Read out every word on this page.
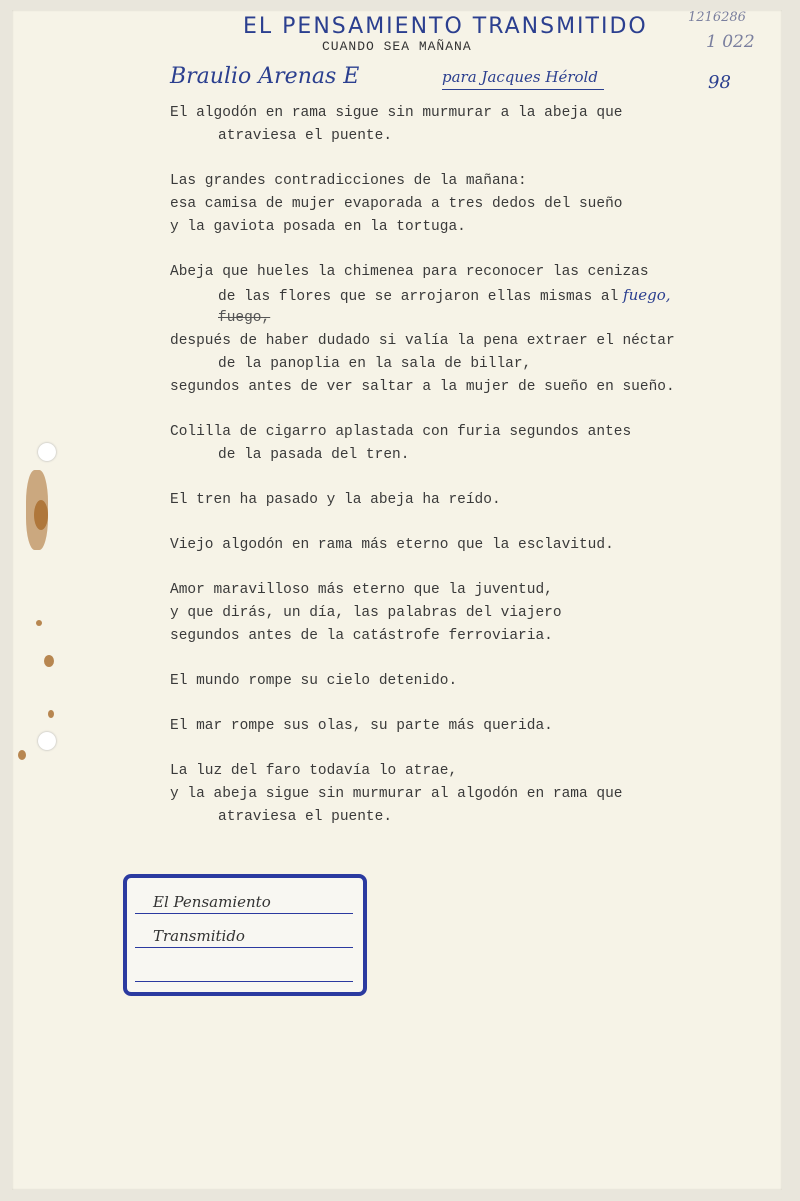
EL PENSAMIENTO TRANSMITIDO
CUANDO SEA MAÑANA
1216286
1 022
98
Braulio Arenas E	para Jacques Hérold
El algodón en rama sigue sin murmurar a la abeja que
atraviesa el puente.
Las grandes contradicciones de la mañana:
esa camisa de mujer evaporada a tres dedos del sueño
y la gaviota posada en la tortuga.
Abeja que hueles la chimenea para reconocer las cenizas
de las flores que se arrojaron ellas mismas al fuego,
fuego,
después de haber dudado si valía la pena extraer el néctar
de la panoplia en la sala de billar,
segundos antes de ver saltar a la mujer de sueño en sueño.
Colilla de cigarro aplastada con furia segundos antes
de la pasada del tren.
El tren ha pasado y la abeja ha reído.
Viejo algodón en rama más eterno que la esclavitud.
Amor maravilloso más eterno que la juventud,
y que dirás, un día, las palabras del viajero
segundos antes de la catástrofe ferroviaria.
El mundo rompe su cielo detenido.
El mar rompe sus olas, su parte más querida.
La luz del faro todavía lo atrae,
y la abeja sigue sin murmurar al algodón en rama que
atraviesa el puente.
El Pensamiento
Transmitido
